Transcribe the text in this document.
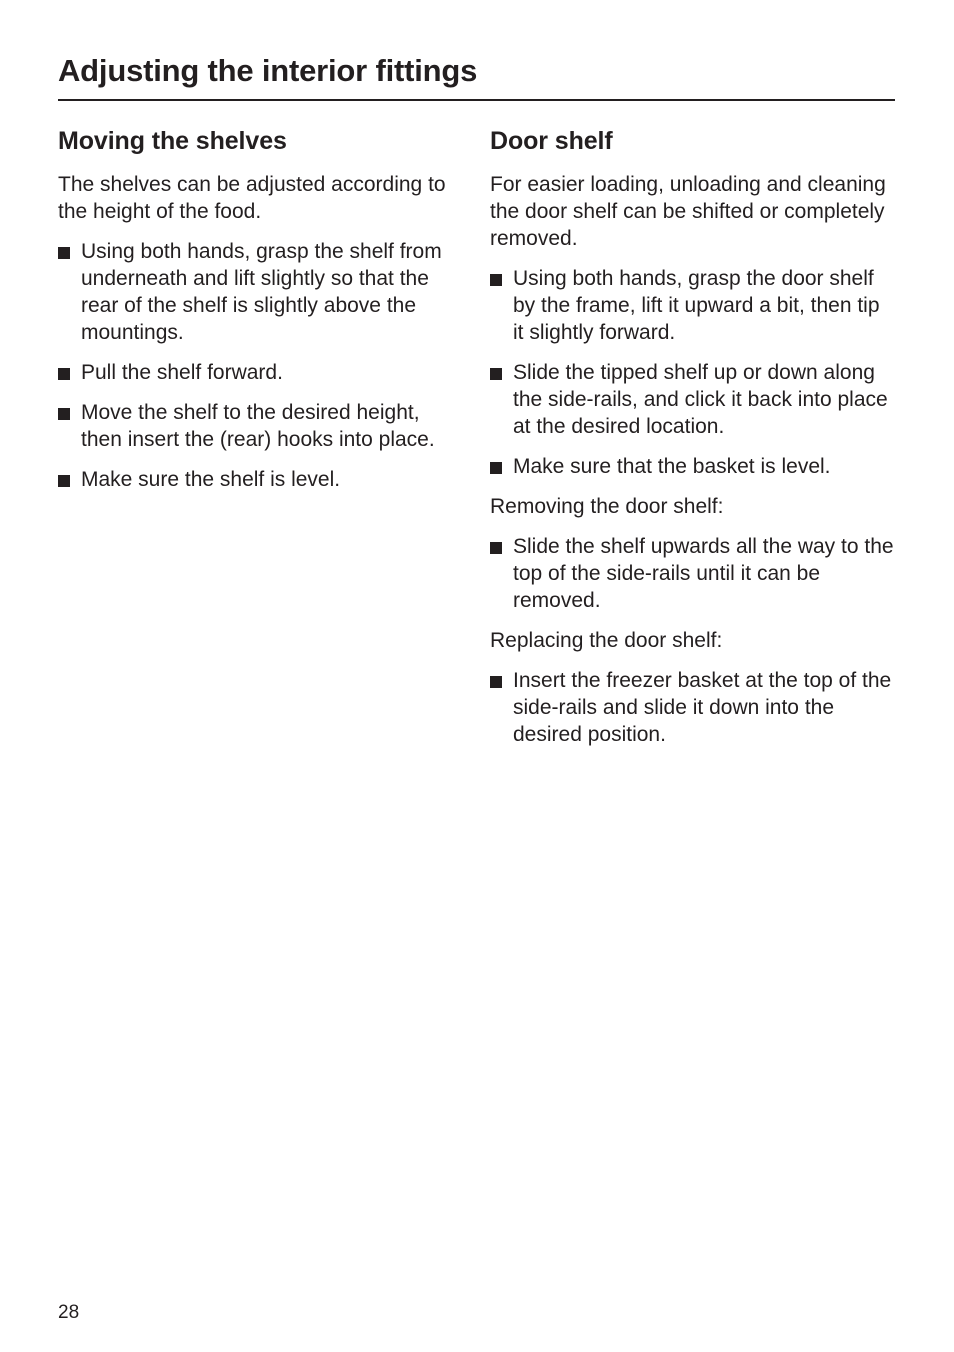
Adjusting the interior fittings
Moving the shelves

The shelves can be adjusted according to the height of the food.

Using both hands, grasp the shelf from underneath and lift slightly so that the rear of the shelf is slightly above the mountings.
Pull the shelf forward.
Move the shelf to the desired height, then insert the (rear) hooks into place.
Make sure the shelf is level.
Door shelf

For easier loading, unloading and cleaning the door shelf can be shifted or completely removed.

Using both hands, grasp the door shelf by the frame, lift it upward a bit, then tip it slightly forward.
Slide the tipped shelf up or down along the side-rails, and click it back into place at the desired location.
Make sure that the basket is level.

Removing the door shelf:

Slide the shelf upwards all the way to the top of the side-rails until it can be removed.

Replacing the door shelf:

Insert the freezer basket at the top of the side-rails and slide it down into the desired position.
28
